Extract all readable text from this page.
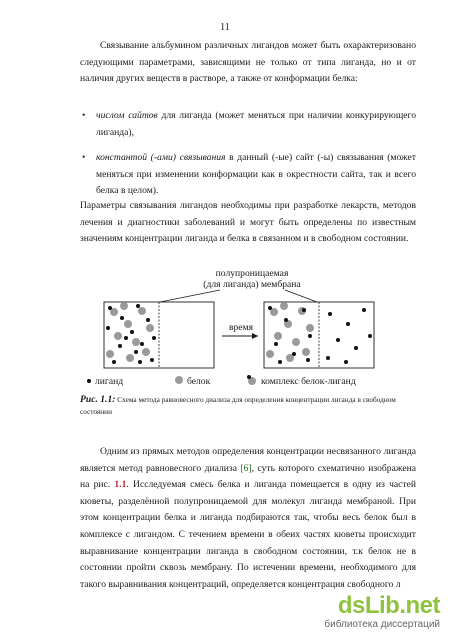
11

Связывание альбумином различных лигандов может быть охарактеризовано следующими параметрами, зависящими не только от типа лиганда, но и от наличия других веществ в растворе, а также от конформации белка:

• числом сайтов для лиганда (может меняться при наличии конкурирующего лиганда),
• константой (-ами) связывания в данный (-ые) сайт (-ы) связывания (может меняться при изменении конформации как в окрестности сайта, так и всего белка в целом).

Параметры связывания лигандов необходимы при разработке лекарств, методов лечения и диагностики заболеваний и могут быть определены по известным значениям концентрации лиганда и белка в связанном и в свободном состоянии.

полупроницаемая
(для лиганда) мембрана
время
лиганд	белок	комплекс белок-лиганд
Рис. 1.1: Схема метода равновесного диализа для определения концентрации лиганда в свободном состоянии

Одним из прямых методов определения концентрации несвязанного лиганда является метод равновесного диализа [6], суть которого схематично изображена на рис. 1.1. Исследуемая смесь белка и лиганда помещается в одну из частей кюветы, разделённой полупроницаемой для молекул лиганда мембраной. При этом концентрации белка и лиганда подбираются так, чтобы весь белок был в комплексе с лигандом. С течением времени в обеих частях кюветы происходит выравнивание концентрации лиганда в свободном состоянии, т.к белок не в состоянии пройти сквозь мембрану. По истечении времени, необходимого для такого выравнивания концентраций, определяется концентрация свободного л

dsLib.net
библиотека диссертаций
